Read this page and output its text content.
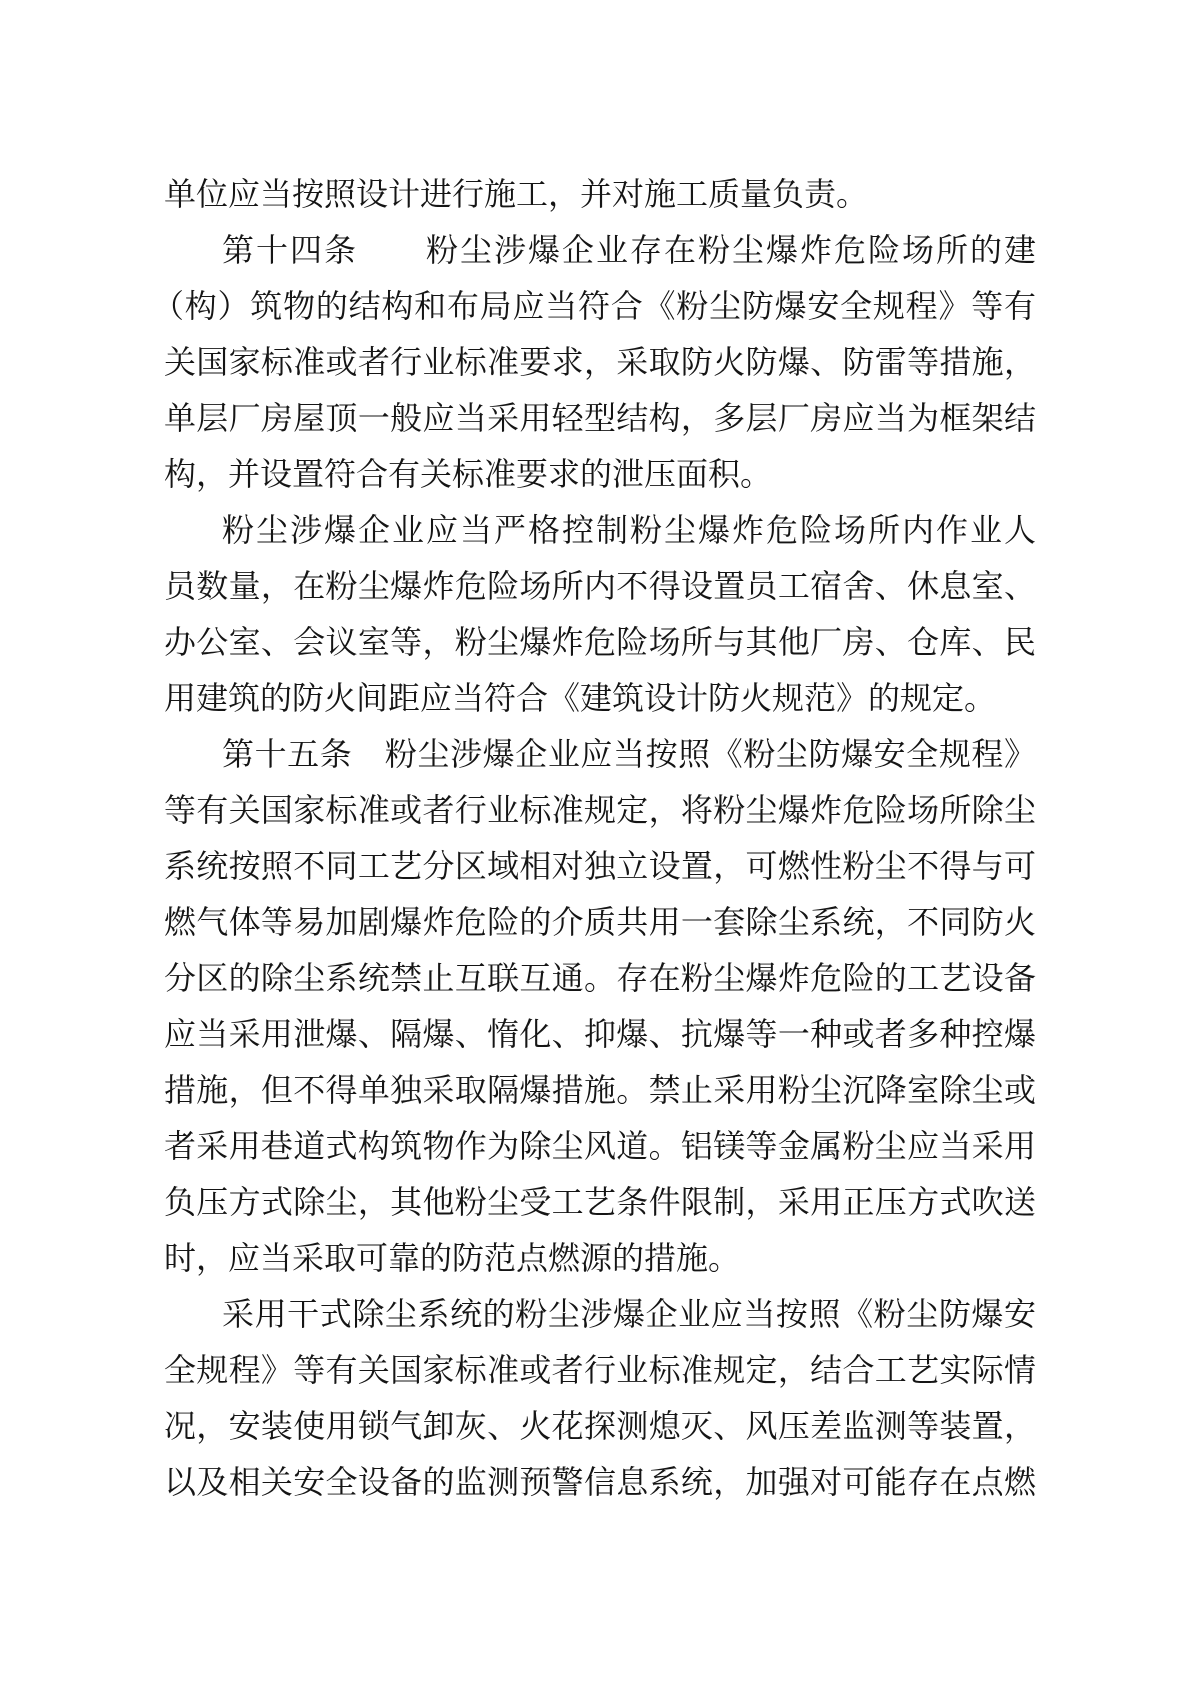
单位应当按照设计进行施工，并对施工质量负责。
第十四条　　粉尘涉爆企业存在粉尘爆炸危险场所的建
（构）筑物的结构和布局应当符合《粉尘防爆安全规程》等有
关国家标准或者行业标准要求，采取防火防爆、防雷等措施，
单层厂房屋顶一般应当采用轻型结构，多层厂房应当为框架结
构，并设置符合有关标准要求的泄压面积。
粉尘涉爆企业应当严格控制粉尘爆炸危险场所内作业人
员数量，在粉尘爆炸危险场所内不得设置员工宿舍、休息室、
办公室、会议室等，粉尘爆炸危险场所与其他厂房、仓库、民
用建筑的防火间距应当符合《建筑设计防火规范》的规定。
第十五条　粉尘涉爆企业应当按照《粉尘防爆安全规程》
等有关国家标准或者行业标准规定，将粉尘爆炸危险场所除尘
系统按照不同工艺分区域相对独立设置，可燃性粉尘不得与可
燃气体等易加剧爆炸危险的介质共用一套除尘系统，不同防火
分区的除尘系统禁止互联互通。存在粉尘爆炸危险的工艺设备
应当采用泄爆、隔爆、惰化、抑爆、抗爆等一种或者多种控爆
措施，但不得单独采取隔爆措施。禁止采用粉尘沉降室除尘或
者采用巷道式构筑物作为除尘风道。铝镁等金属粉尘应当采用
负压方式除尘，其他粉尘受工艺条件限制，采用正压方式吹送
时，应当采取可靠的防范点燃源的措施。
采用干式除尘系统的粉尘涉爆企业应当按照《粉尘防爆安
全规程》等有关国家标准或者行业标准规定，结合工艺实际情
况，安装使用锁气卸灰、火花探测熄灭、风压差监测等装置，
以及相关安全设备的监测预警信息系统，加强对可能存在点燃
